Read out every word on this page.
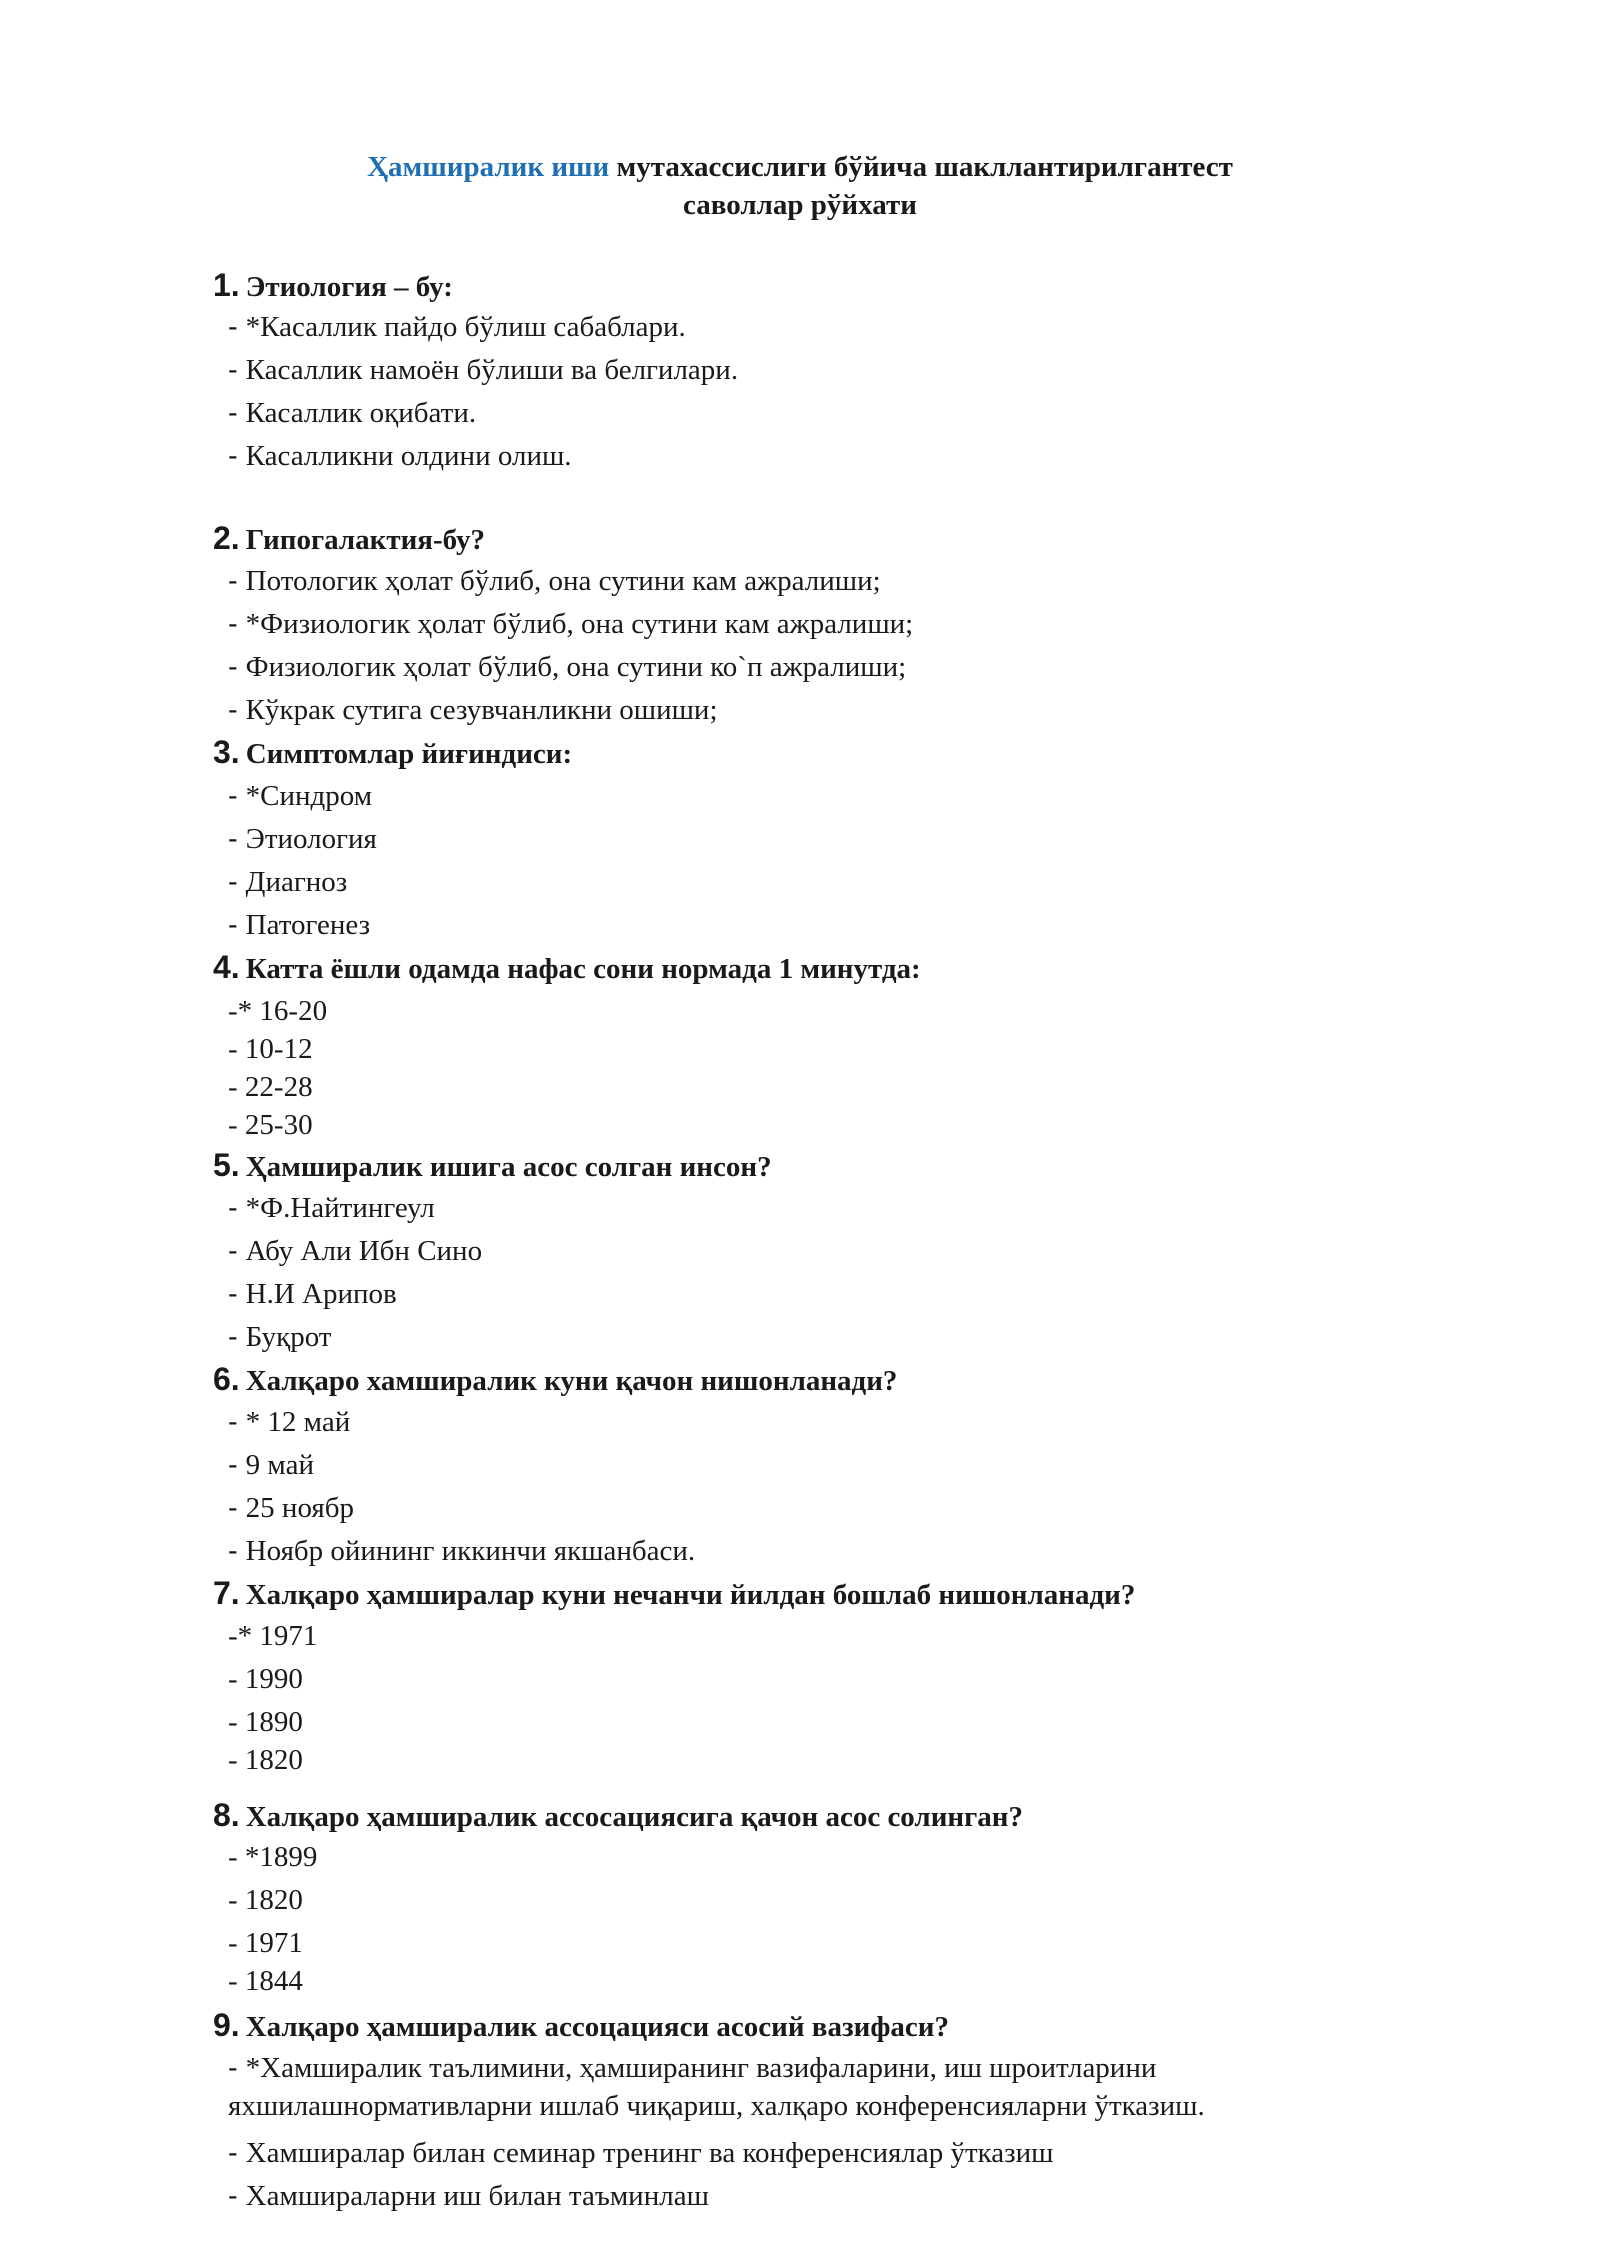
Ҳамширалик иши мутахассислиги бўйича шакллантирилгантест
саволлар рўйхати
1. Этиология – бу:
- *Касаллик пайдо бўлиш сабаблари.
- Касаллик намоён бўлиши ва белгилари.
- Касаллик оқибати.
- Касалликни олдини олиш.
2. Гипогалактия-бу?
- Потологик ҳолат бўлиб, она сутини кам ажралиши;
- *Физиологик ҳолат бўлиб, она сутини кам ажралиши;
- Физиологик ҳолат бўлиб, она сутини ко`п ажралиши;
- Кўкрак сутига сезувчанликни ошиши;
3. Симптомлар йиғиндиси:
- *Синдром
- Этиология
- Диагноз
- Патогенез
4. Катта ёшли одамда нафас сони нормада 1 минутда:
-* 16-20
- 10-12
- 22-28
- 25-30
5. Ҳамширалик ишига асос солган инсон?
- *Ф.Найтингеул
- Абу Али Ибн Сино
- Н.И Арипов
- Буқрот
6. Халқаро хамширалик куни қачон нишонланади?
- * 12 май
- 9 май
- 25 ноябр
- Ноябр ойининг иккинчи якшанбаси.
7. Халқаро ҳамширалар куни нечанчи йилдан бошлаб нишонланади?
-* 1971
- 1990
- 1890
- 1820
8. Халқаро ҳамширалик ассосациясига қачон асос солинган?
- *1899
- 1820
- 1971
- 1844
9. Халқаро ҳамширалик ассоцацияси асосий вазифаси?
- *Хамширалик таълимини, ҳамширанинг вазифаларини, иш шроитларини яхшилашнормативларни ишлаб чиқариш, халқаро конференсияларни ўтказиш.
- Хамширалар билан семинар тренинг ва конференсиялар ўтказиш
- Хамшираларни иш билан таъминлаш
